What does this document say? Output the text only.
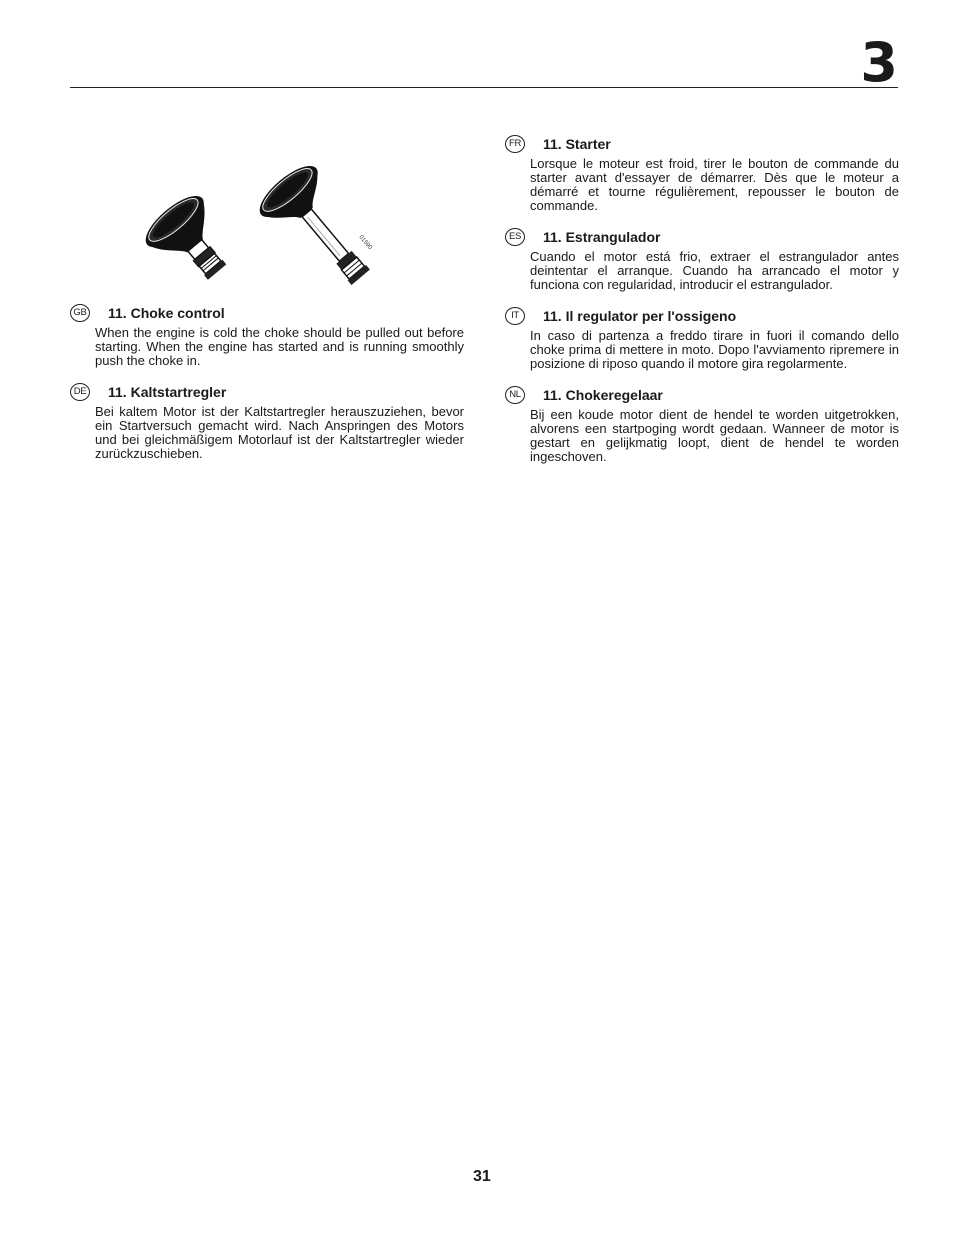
3
01590
GB 11. Choke control
When the engine is cold the choke should be pulled out before starting. When the engine has started and is running smoothly push the choke in.
DE 11. Kaltstartregler
Bei kaltem Motor ist der Kaltstartregler herauszuziehen, bevor ein Startversuch gemacht wird. Nach Anspringen des Motors und bei gleichmäßigem Motorlauf ist der Kaltstartregler wieder zurückzuschieben.
FR 11. Starter
Lorsque le moteur est froid, tirer le bouton de commande du starter avant d'essayer de démarrer. Dès que le moteur a démarré et tourne régulièrement, repousser le bouton de commande.
ES 11. Estrangulador
Cuando el motor está frio, extraer el estrangulador antes deintentar el arranque. Cuando ha arrancado el motor y funciona con regularidad, introducir el estrangulador.
IT	11. Il regulator per l'ossigeno
In caso di partenza a freddo tirare in fuori il comando dello choke prima di mettere in moto. Dopo l'avviamento ripremere in posizione di riposo quando il motore gira regolarmente.
NL	11. Chokeregelaar
Bij een koude motor dient de hendel te worden uitgetrokken, alvorens een startpoging wordt gedaan. Wanneer de motor is gestart en gelijkmatig loopt, dient de hendel te worden ingeschoven.
31
